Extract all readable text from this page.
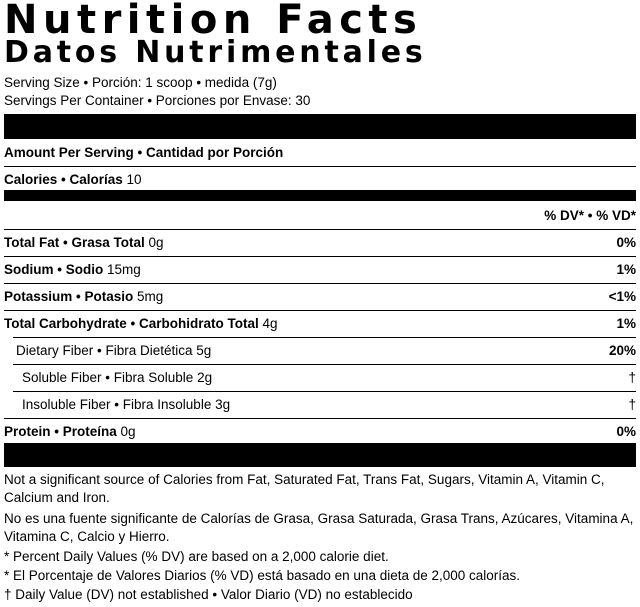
Nutrition Facts
Datos Nutrimentales
Serving Size • Porción: 1 scoop • medida (7g)
Servings Per Container • Porciones por Envase: 30
Amount Per Serving • Cantidad por Porción
Calories • Calorías 10
% DV* • % VD*
Total Fat • Grasa Total 0g	0%
Sodium • Sodio 15mg	1%
Potassium • Potasio 5mg	<1%
Total Carbohydrate • Carbohidrato Total 4g	1%
Dietary Fiber • Fibra Dietética 5g	20%
Soluble Fiber • Fibra Soluble 2g	†
Insoluble Fiber • Fibra Insoluble 3g	†
Protein • Proteína 0g	0%
Not a significant source of Calories from Fat, Saturated Fat, Trans Fat, Sugars, Vitamin A, Vitamin C, Calcium and Iron.
No es una fuente significante de Calorías de Grasa, Grasa Saturada, Grasa Trans, Azúcares, Vitamina A, Vitamina C, Calcio y Hierro.
* Percent Daily Values (% DV) are based on a 2,000 calorie diet.
* El Porcentaje de Valores Diarios (% VD) está basado en una dieta de 2,000 calorías.
† Daily Value (DV) not established • Valor Diario (VD) no establecido
